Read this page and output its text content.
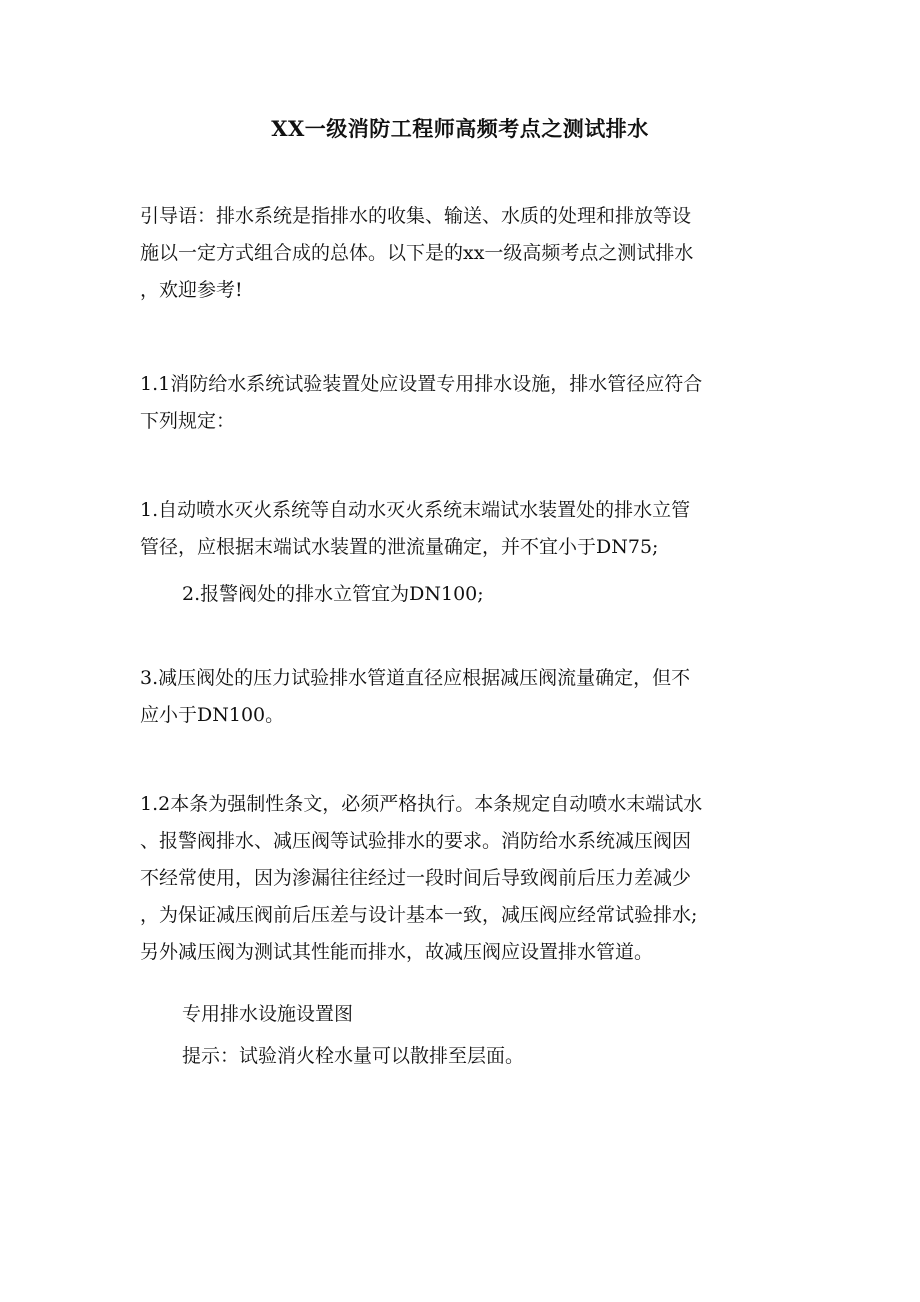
XX一级消防工程师高频考点之测试排水
引导语：排水系统是指排水的收集、输送、水质的处理和排放等设
施以一定方式组合成的总体。以下是的xx一级高频考点之测试排水
，欢迎参考!
1.1消防给水系统试验装置处应设置专用排水设施，排水管径应符合
下列规定：
1.自动喷水灭火系统等自动水灭火系统末端试水装置处的排水立管
管径，应根据末端试水装置的泄流量确定，并不宜小于DN75;
2.报警阀处的排水立管宜为DN100;
3.减压阀处的压力试验排水管道直径应根据减压阀流量确定，但不
应小于DN100。
1.2本条为强制性条文，必须严格执行。本条规定自动喷水末端试水
、报警阀排水、减压阀等试验排水的要求。消防给水系统减压阀因
不经常使用，因为渗漏往往经过一段时间后导致阀前后压力差减少
，为保证减压阀前后压差与设计基本一致，减压阀应经常试验排水;
另外减压阀为测试其性能而排水，故减压阀应设置排水管道。
专用排水设施设置图
提示：试验消火栓水量可以散排至层面。
